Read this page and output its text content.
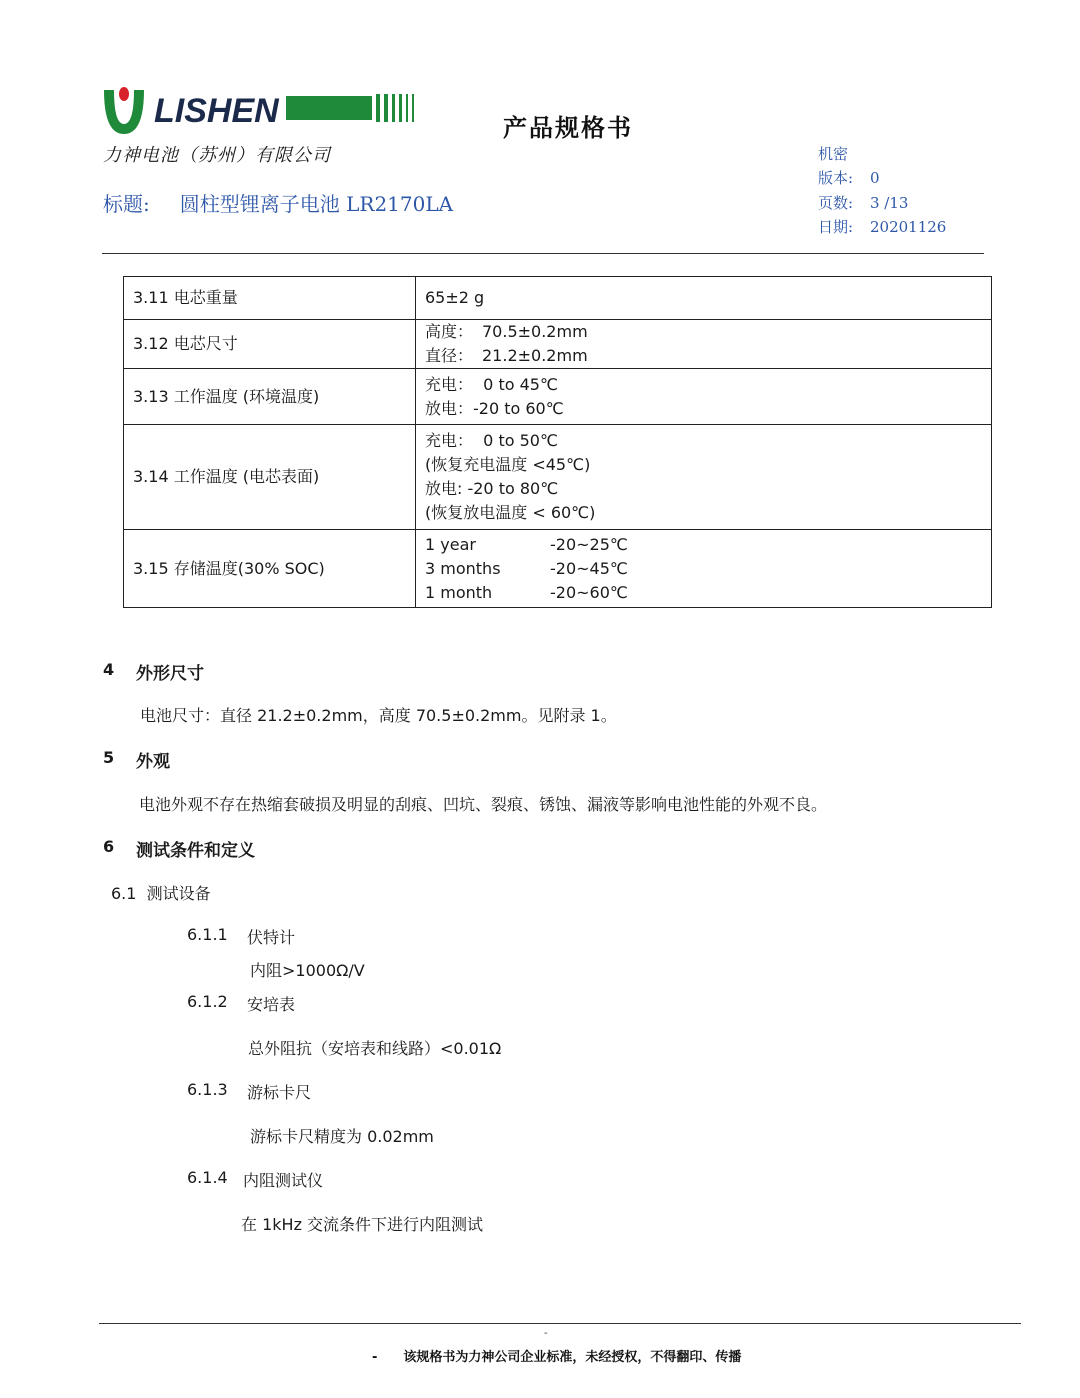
LISHEN
力神电池（苏州）有限公司
产品规格书
标题: 圆柱型锂离子电池 LR2170LA
机密
版本: 0
页数: 3 /13
日期: 20201126
3.11 电芯重量	65±2 g

3.12 电芯尺寸	高度： 70.5±0.2mm
直径： 21.2±0.2mm

3.13 工作温度 (环境温度)	充电：  0 to 45℃
放电：-20 to 60℃

3.14 工作温度 (电芯表面)	充电：  0 to 50℃
(恢复充电温度 <45℃)
放电: -20 to 80℃
(恢复放电温度 < 60℃)

3.15 存储温度(30% SOC)	1 year -20~25℃
3 months -20~45℃
1 month -20~60℃
4 外形尺寸
电池尺寸：直径 21.2±0.2mm，高度 70.5±0.2mm。见附录 1。
5 外观
电池外观不存在热缩套破损及明显的刮痕、凹坑、裂痕、锈蚀、漏液等影响电池性能的外观不良。
6 测试条件和定义
6.1  测试设备
6.1.1 伏特计
内阻>1000Ω/V
6.1.2 安培表
总外阻抗（安培表和线路）<0.01Ω
6.1.3 游标卡尺
游标卡尺精度为 0.02mm
6.1.4 内阻测试仪
在 1kHz 交流条件下进行内阻测试
-
- 该规格书为力神公司企业标准，未经授权，不得翻印、传播
